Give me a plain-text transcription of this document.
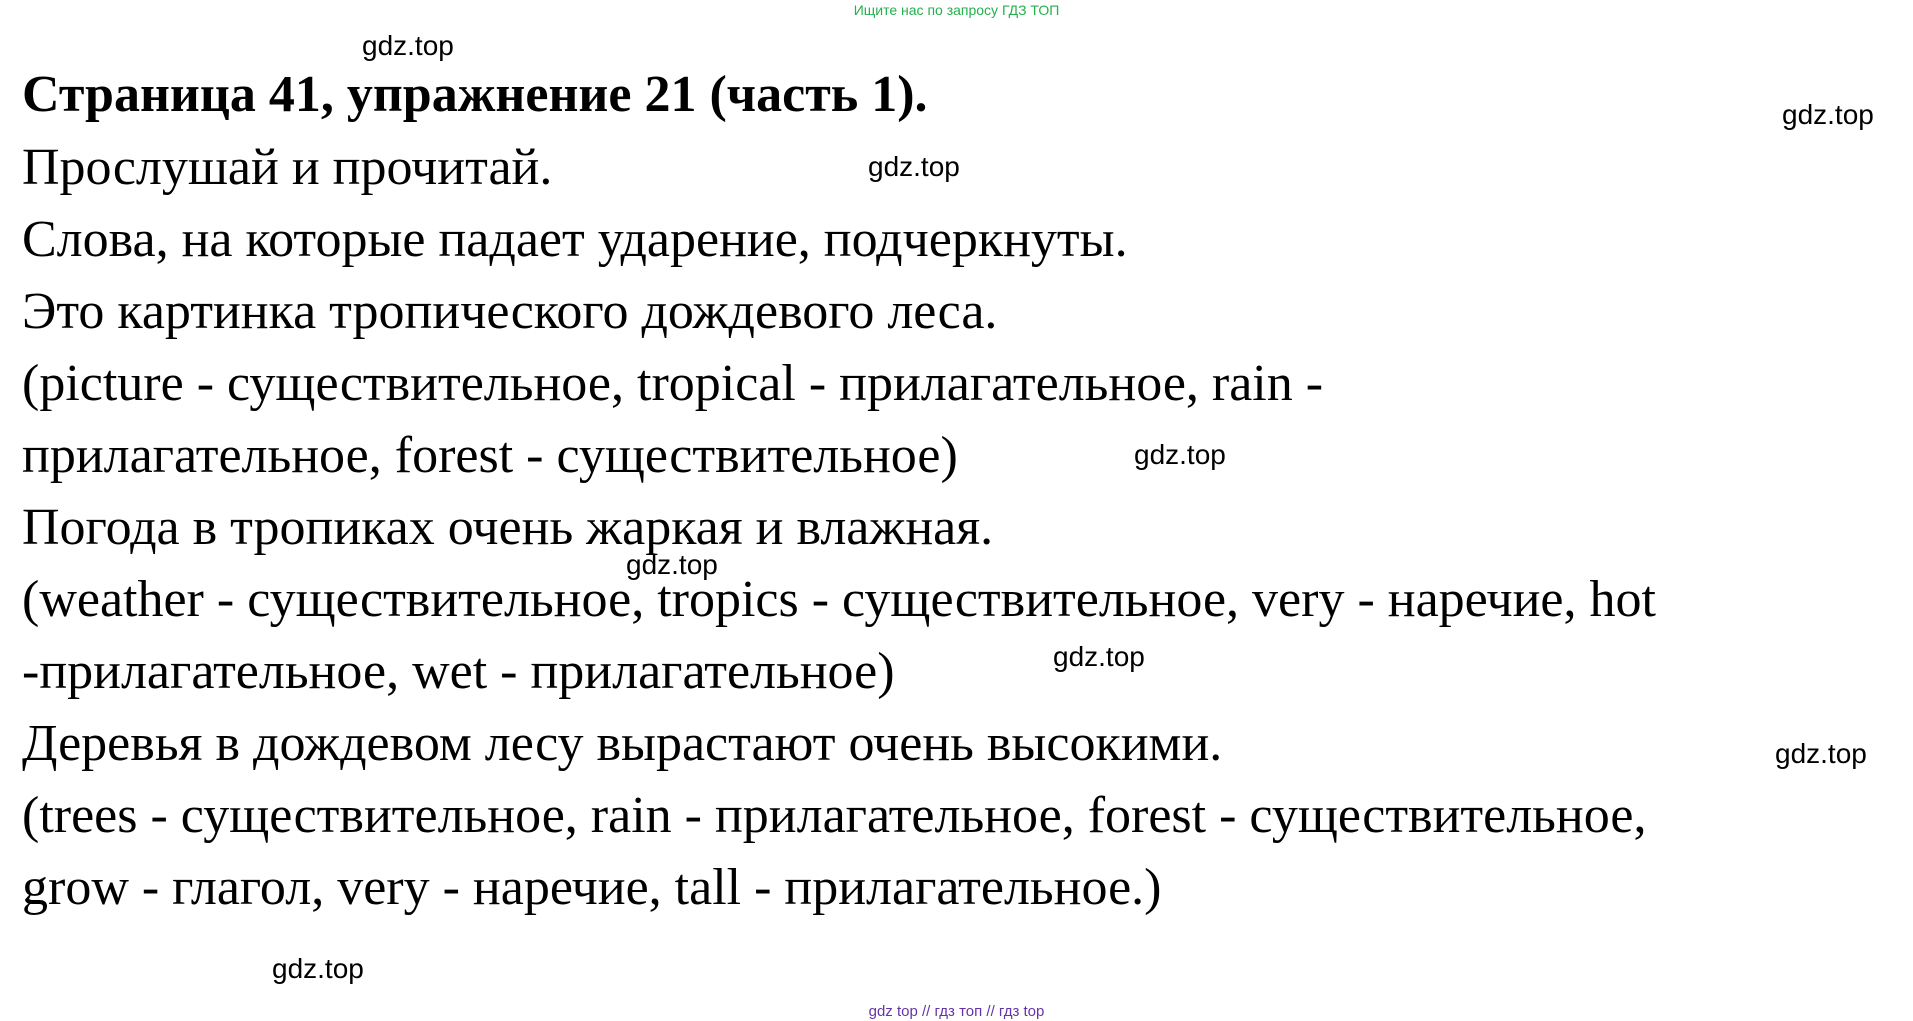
Ищите нас по запросу ГДЗ ТОП
Страница 41, упражнение 21 (часть 1).
Прослушай и прочитай.
Слова, на которые падает ударение, подчеркнуты.
Это картинка тропического дождевого леса.
(picture - существительное, tropical - прилагательное, rain -
прилагательное, forest - существительное)
Погода в тропиках очень жаркая и влажная.
(weather - существительное, tropics - существительное, very - наречие, hot
-прилагательное, wet - прилагательное)
Деревья в дождевом лесу вырастают очень высокими.
(trees - существительное, rain - прилагательное, forest - существительное,
grow - глагол, very - наречие, tall - прилагательное.)
gdz.top
gdz.top
gdz.top
gdz.top
gdz.top
gdz.top
gdz.top
gdz.top
gdz top // гдз топ // гдз top
